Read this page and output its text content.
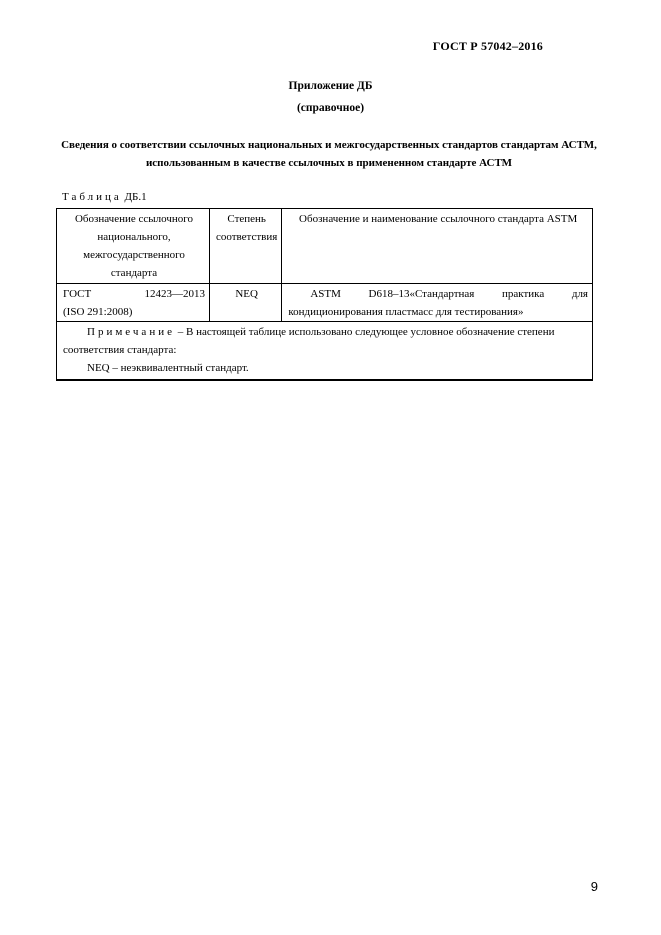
ГОСТ Р 57042–2016
Приложение ДБ
(справочное)
Сведения о соответствии ссылочных национальных и межгосударственных стандартов стандартам АСТМ, использованным в качестве ссылочных в примененном стандарте АСТМ
Таблица ДБ.1
Обозначение ссылочного национального, межгосударственного стандарта	Степень соответствия	Обозначение и наименование ссылочного стандарта ASTM

ГОСТ 12423—2013
(ISO 291:2008)	NEQ	ASTM D618–13«Стандартная практика для кондиционирования пластмасс для тестирования»
Примечание – В настоящей таблице использовано следующее условное обозначение степени соответствия стандарта:
NEQ – неэквивалентный стандарт.		
9
